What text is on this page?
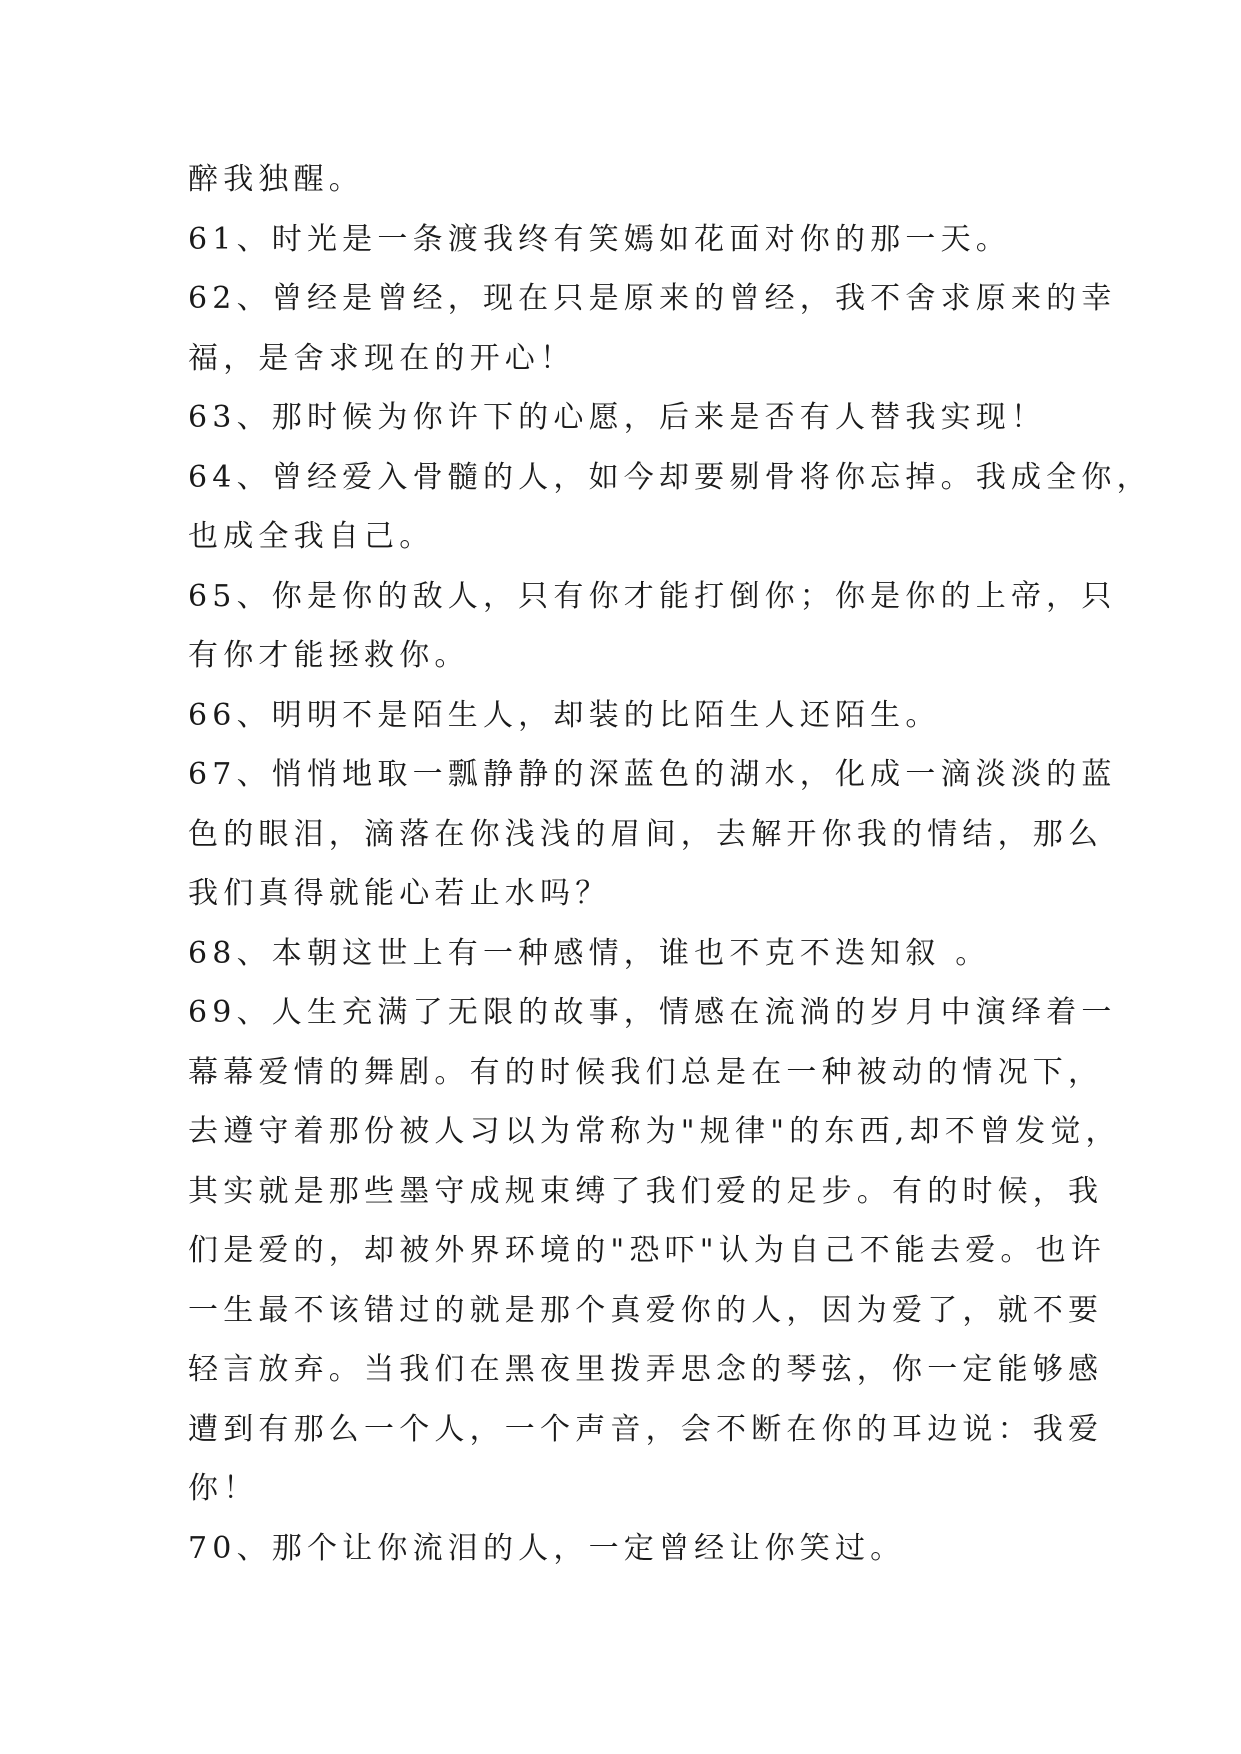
醉我独醒。
61、时光是一条渡我终有笑嫣如花面对你的那一天。
62、曾经是曾经，现在只是原来的曾经，我不舍求原来的幸
福，是舍求现在的开心！
63、那时候为你许下的心愿，后来是否有人替我实现！
64、曾经爱入骨髓的人，如今却要剔骨将你忘掉。我成全你，
也成全我自己。
65、你是你的敌人，只有你才能打倒你；你是你的上帝，只
有你才能拯救你。
66、明明不是陌生人，却装的比陌生人还陌生。
67、悄悄地取一瓢静静的深蓝色的湖水，化成一滴淡淡的蓝
色的眼泪，滴落在你浅浅的眉间，去解开你我的情结，那么
我们真得就能心若止水吗？
68、本朝这世上有一种感情，谁也不克不迭知叙 。
69、人生充满了无限的故事，情感在流淌的岁月中演绎着一
幕幕爱情的舞剧。有的时候我们总是在一种被动的情况下，
去遵守着那份被人习以为常称为"规律"的东西,却不曾发觉，
其实就是那些墨守成规束缚了我们爱的足步。有的时候，我
们是爱的，却被外界环境的"恐吓"认为自己不能去爱。也许
一生最不该错过的就是那个真爱你的人，因为爱了，就不要
轻言放弃。当我们在黑夜里拨弄思念的琴弦，你一定能够感
遭到有那么一个人，一个声音，会不断在你的耳边说：我爱
你！
70、那个让你流泪的人，一定曾经让你笑过。
